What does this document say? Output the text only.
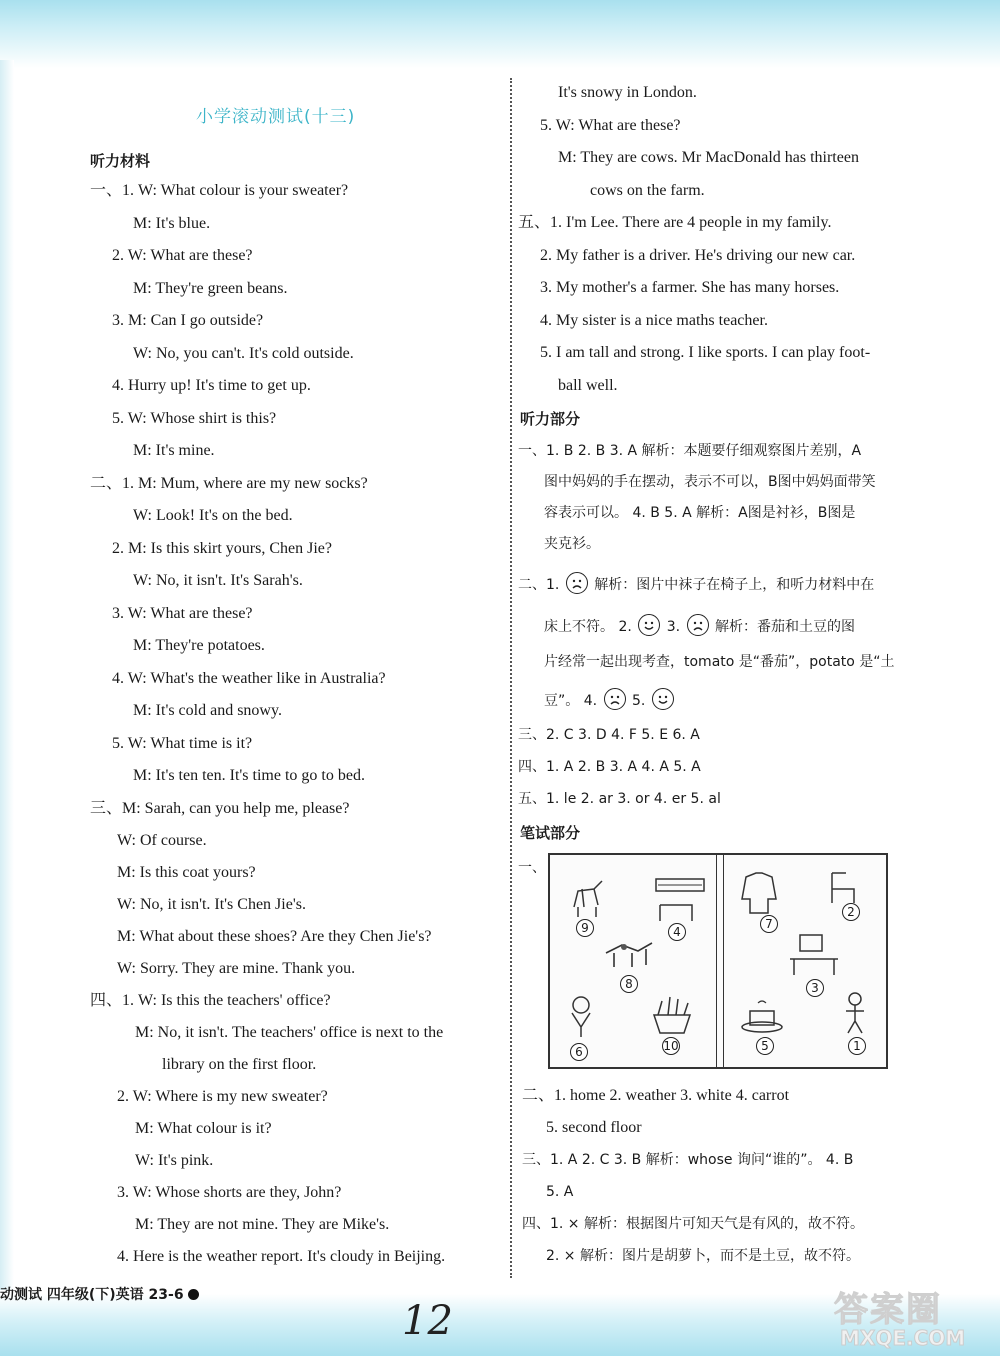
小学滚动测试(十三)
听力材料
一、1. W: What colour is your sweater?
M: It's blue.
2. W: What are these?
M: They're green beans.
3. M: Can I go outside?
W: No, you can't. It's cold outside.
4. Hurry up! It's time to get up.
5. W: Whose shirt is this?
M: It's mine.
二、1. M: Mum, where are my new socks?
W: Look! It's on the bed.
2. M: Is this skirt yours, Chen Jie?
W: No, it isn't. It's Sarah's.
3. W: What are these?
M: They're potatoes.
4. W: What's the weather like in Australia?
M: It's cold and snowy.
5. W: What time is it?
M: It's ten ten. It's time to go to bed.
三、M: Sarah, can you help me, please?
W: Of course.
M: Is this coat yours?
W: No, it isn't. It's Chen Jie's.
M: What about these shoes? Are they Chen Jie's?
W: Sorry. They are mine. Thank you.
四、1. W: Is this the teachers' office?
M: No, it isn't. The teachers' office is next to the
library on the first floor.
2. W: Where is my new sweater?
M: What colour is it?
W: It's pink.
3. W: Whose shorts are they, John?
M: They are not mine. They are Mike's.
4. Here is the weather report. It's cloudy in Beijing.
It's snowy in London.
5. W: What are these?
M: They are cows. Mr MacDonald has thirteen
cows on the farm.
五、1. I'm Lee. There are 4 people in my family.
2. My father is a driver. He's driving our new car.
3. My mother's a farmer. She has many horses.
4. My sister is a nice maths teacher.
5. I am tall and strong. I like sports. I can play foot-
ball well.
听力部分
一、1. B 2. B 3. A 解析：本题要仔细观察图片差别，A
图中妈妈的手在摆动，表示不可以，B图中妈妈面带笑
容表示可以。 4. B 5. A 解析：A图是衬衫，B图是
夹克衫。
二、1. 解析：图片中袜子在椅子上，和听力材料中在
床上不符。 2.
3.
解析：番茄和土豆的图
片经常一起出现考查，tomato 是“番茄”，potato 是“土
豆”。 4.
5.
三、2. C 3. D 4. F 5. E 6. A
四、1. A 2. B 3. A 4. A 5. A
五、1. le 2. ar 3. or 4. er 5. al
笔试部分
一、
9	4
8
6	10
7
2
3
5	1
二、1. home 2. weather 3. white 4. carrot
5. second floor
三、1. A 2. C 3. B 解析：whose 询问“谁的”。 4. B
5. A
四、1. × 解析：根据图片可知天气是有风的，故不符。
2. × 解析：图片是胡萝卜，而不是土豆，故不符。
动测试 四年级(下)英语 23-6
12	答案圈
MXQE.COM
